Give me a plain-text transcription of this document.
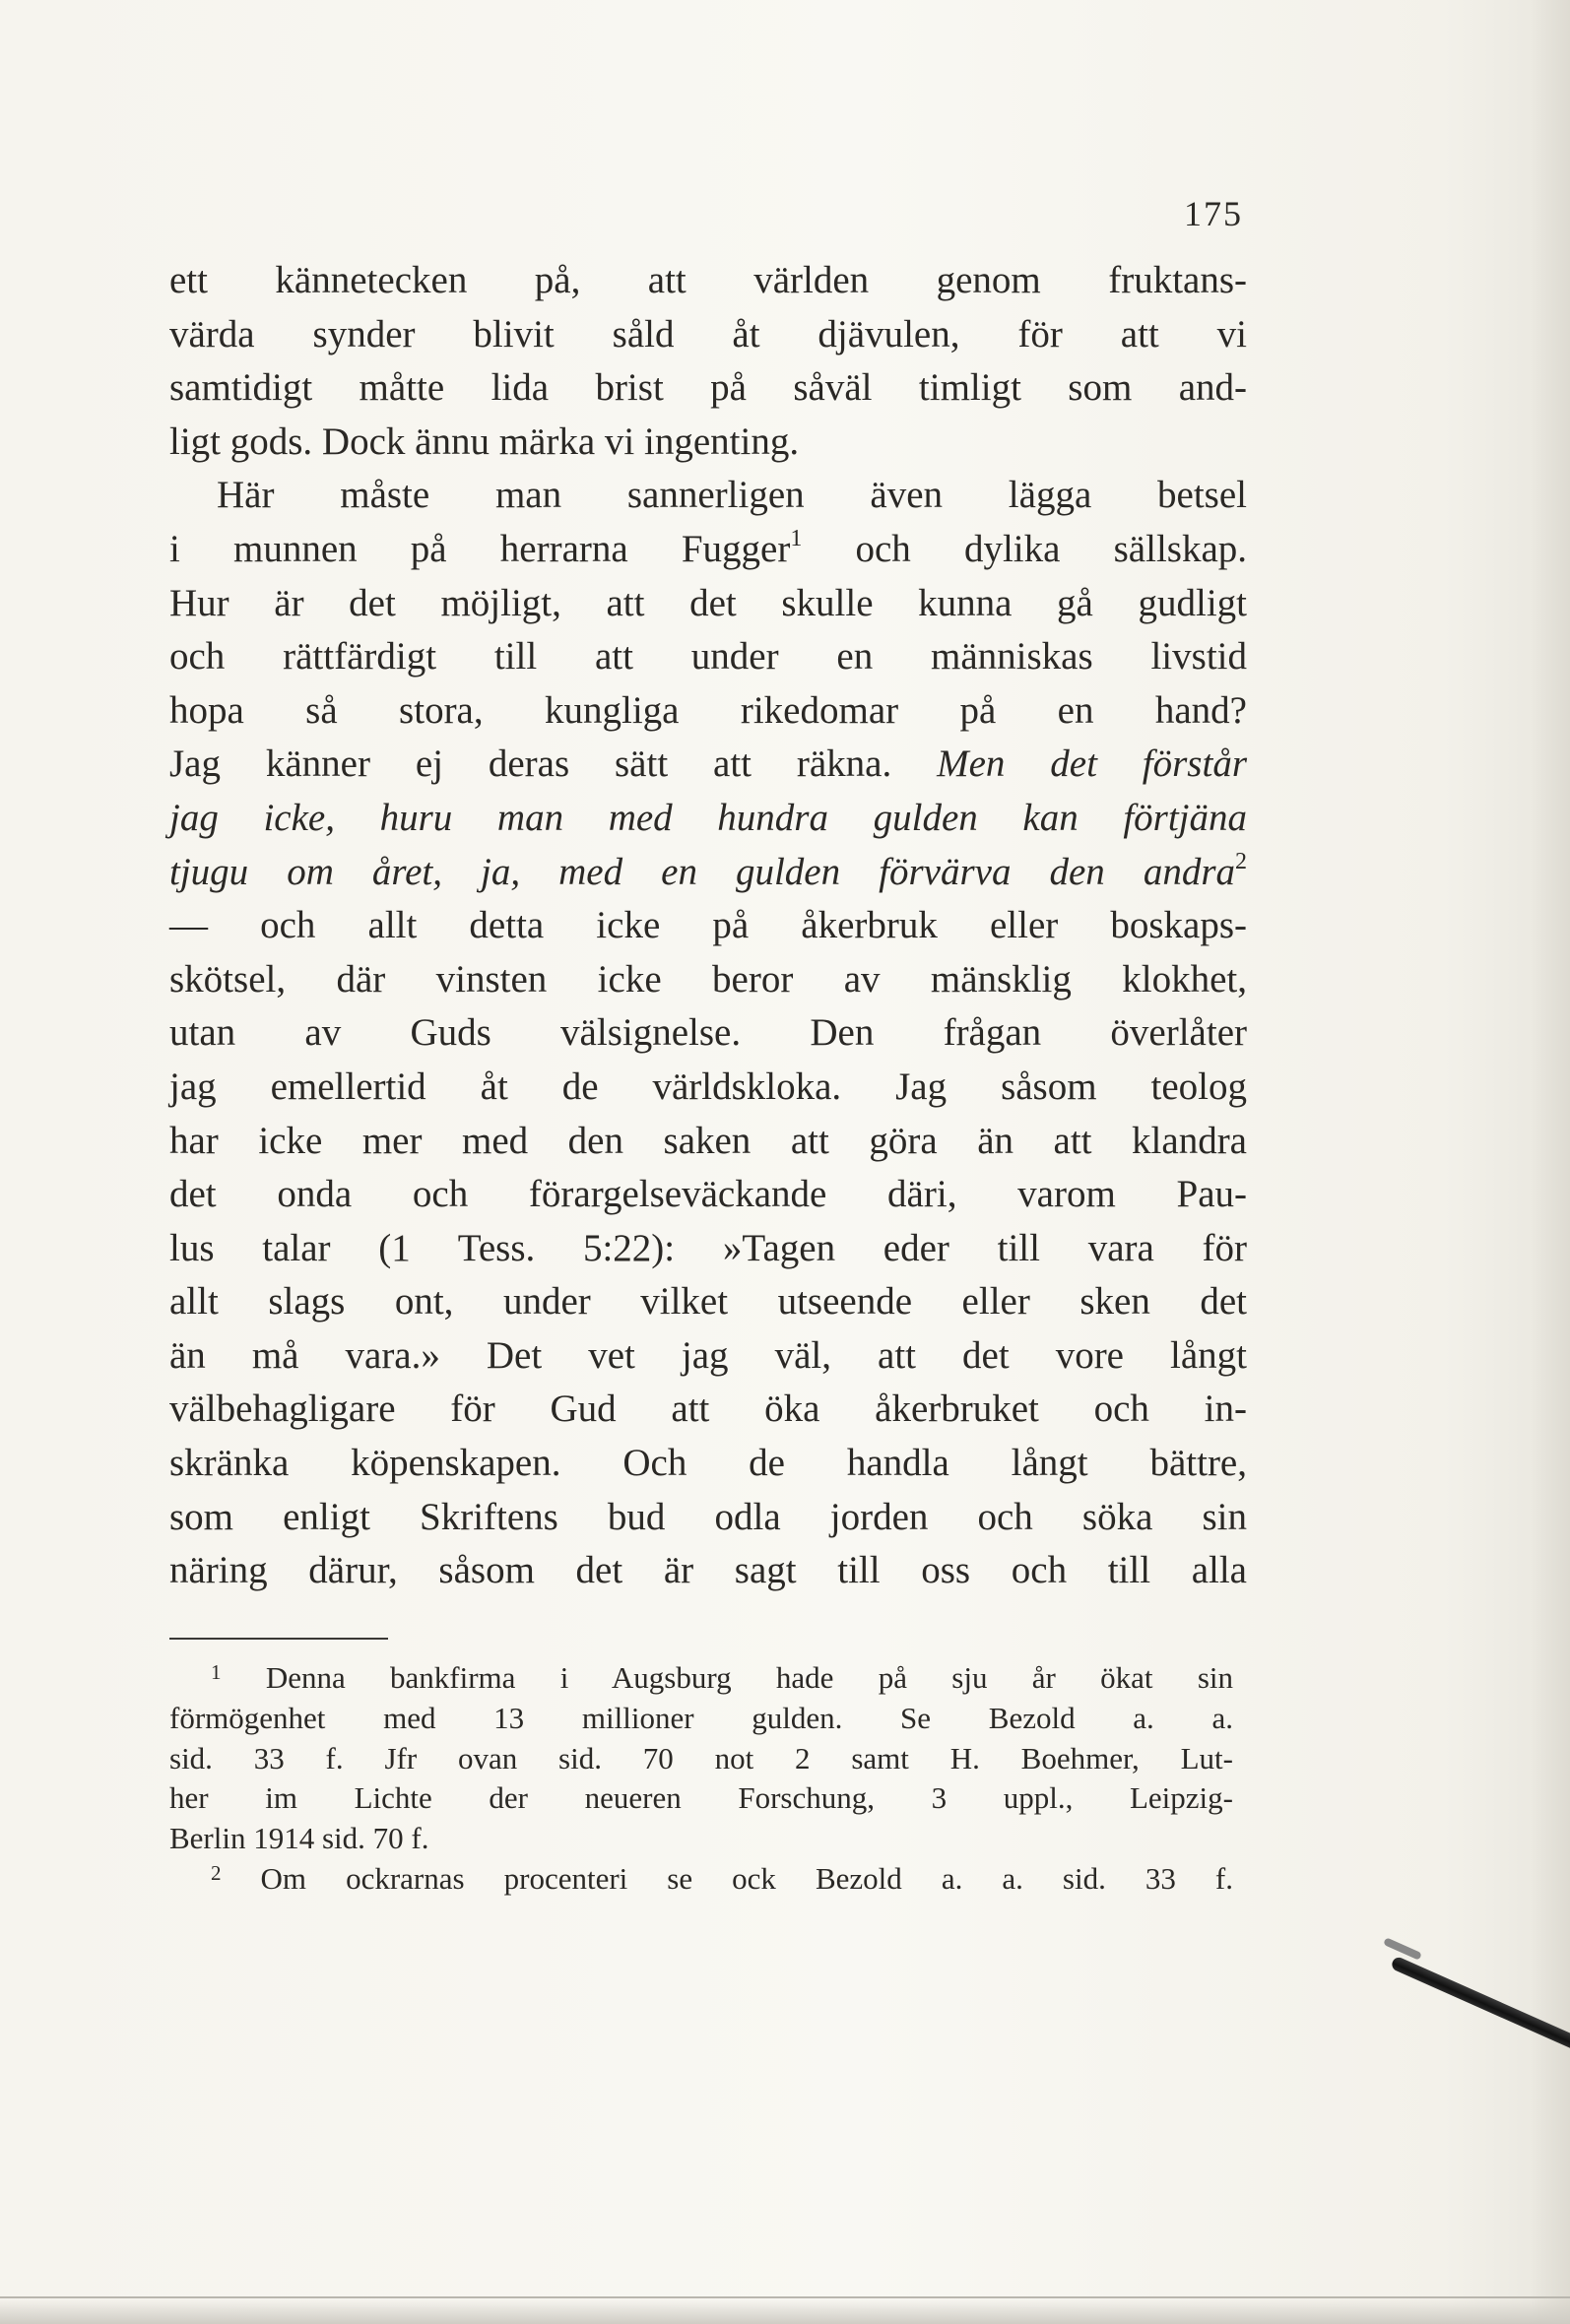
175
ett kännetecken på, att världen genom fruktans-
värda synder blivit såld åt djävulen, för att vi
samtidigt måtte lida brist på såväl timligt som and-
ligt gods. Dock ännu märka vi ingenting.
Här måste man sannerligen även lägga betsel
i munnen på herrarna Fugger$^1$ och dylika sällskap.
Hur är det möjligt, att det skulle kunna gå gudligt
och rättfärdigt till att under en människas livstid
hopa så stora, kungliga rikedomar på en hand?
Jag känner ej deras sätt att räkna. Men det förstår
jag icke, huru man med hundra gulden kan förtjäna
tjugu om året, ja, med en gulden förvärva den andra$^2$
— och allt detta icke på åkerbruk eller boskaps-
skötsel, där vinsten icke beror av mänsklig klokhet,
utan av Guds välsignelse. Den frågan överlåter
jag emellertid åt de världskloka. Jag såsom teolog
har icke mer med den saken att göra än att klandra
det onda och förargelseväckande däri, varom Pau-
lus talar (1 Tess. 5:22): »Tagen eder till vara för
allt slags ont, under vilket utseende eller sken det
än må vara.» Det vet jag väl, att det vore långt
välbehagligare för Gud att öka åkerbruket och in-
skränka köpenskapen. Och de handla långt bättre,
som enligt Skriftens bud odla jorden och söka sin
näring därur, såsom det är sagt till oss och till alla
$^1$ Denna bankfirma i Augsburg hade på sju år ökat sin
förmögenhet med 13 millioner gulden. Se Bezold a. a.
sid. 33 f. Jfr ovan sid. 70 not 2 samt H. Boehmer, Lut-
her im Lichte der neueren Forschung, 3 uppl., Leipzig-
Berlin 1914 sid. 70 f.
$^2$ Om ockrarnas procenteri se ock Bezold a. a. sid. 33 f.
